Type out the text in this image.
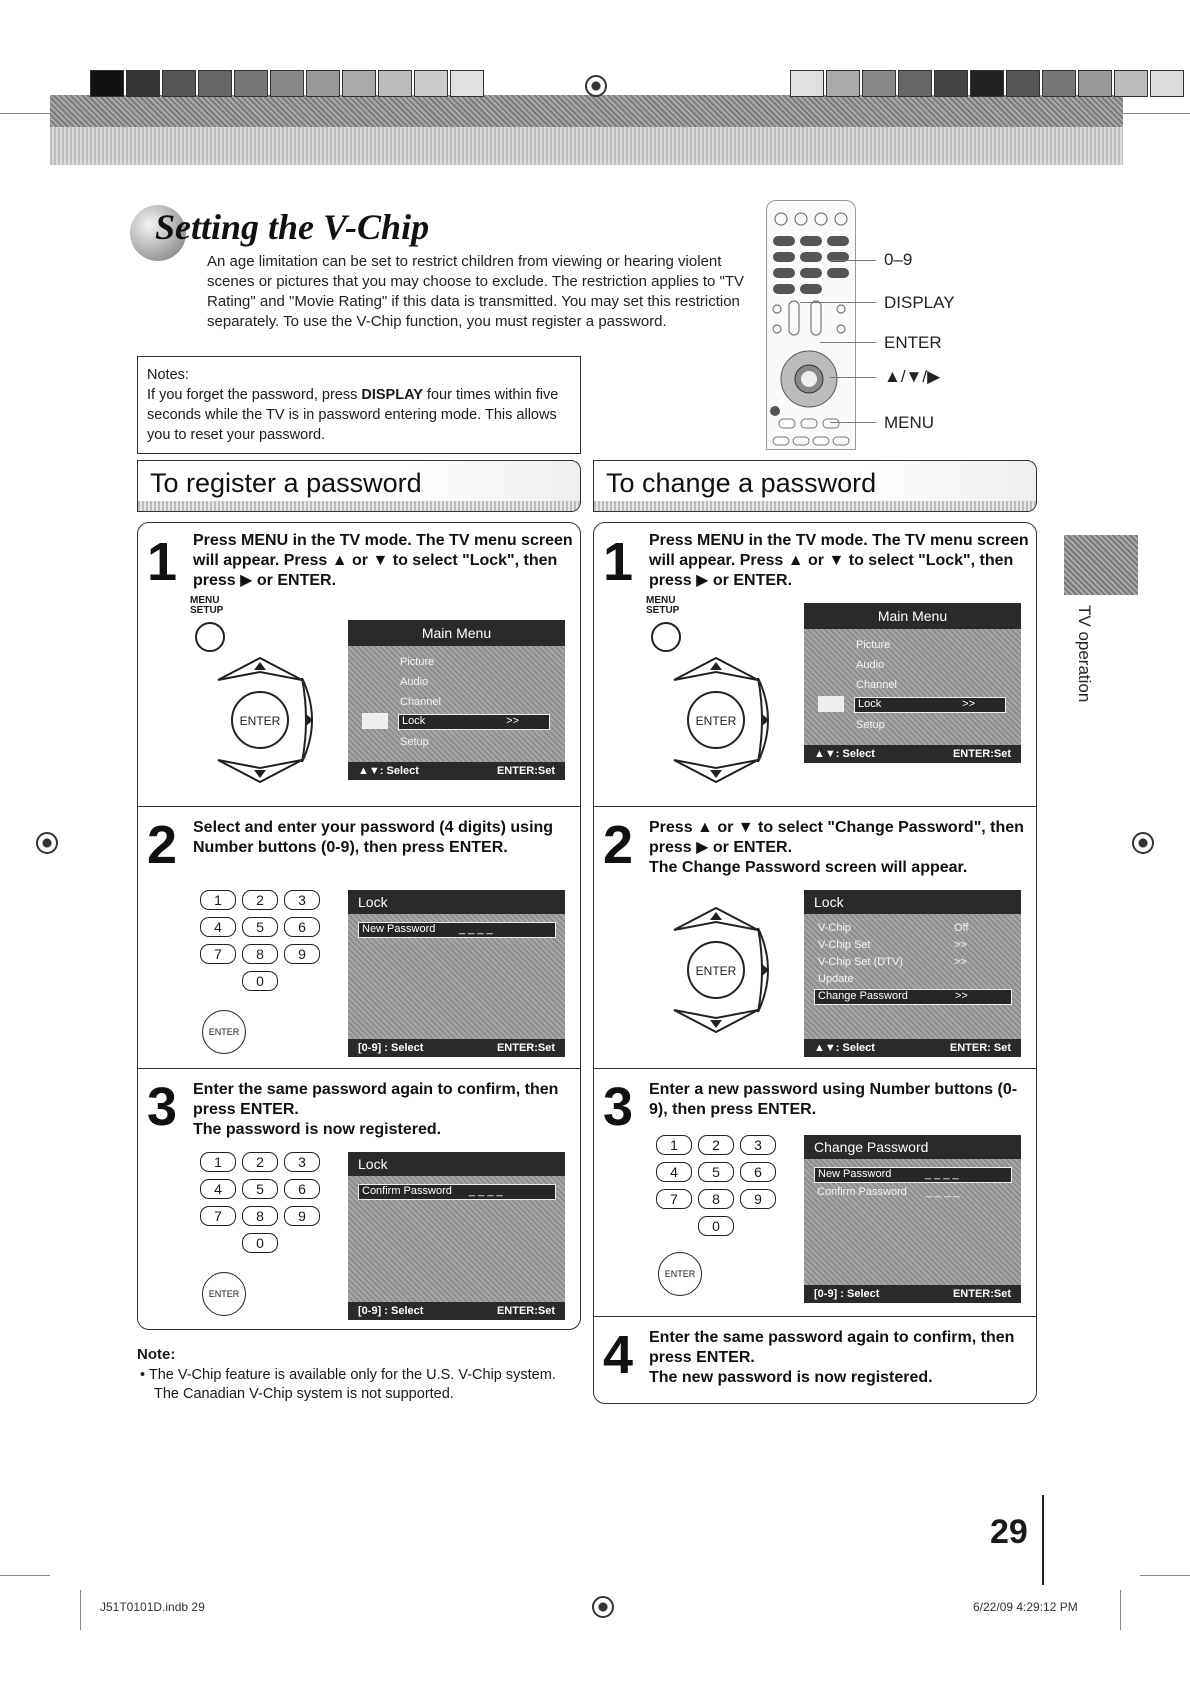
Setting the V-Chip
An age limitation can be set to restrict children from viewing or hearing violent scenes or pictures that you may choose to exclude. The restriction applies to "TV Rating" and "Movie Rating" if this data is transmitted. You may set this restriction separately. To use the V-Chip function, you must register a password.
Notes:
If you forget the password, press DISPLAY four times within five seconds while the TV is in password entering mode. This allows you to reset your password.
0–9
DISPLAY
ENTER
▲/▼/▶
MENU
To register a password	To change a password
1 Press MENU in the TV mode. The TV menu screen will appear. Press ▲ or ▼ to select "Lock", then press ▶ or ENTER.
MENU SETUP
ENTER
Main Menu
Picture
Audio
Channel
Lock	>>
Setup
▲▼: Select	ENTER:Set
2 Select and enter your password (4 digits) using Number buttons (0-9), then press ENTER.
1	2	3
4	5	6
7	8	9
0
ENTER
Lock
New Password _ _ _ _
[0-9] : Select	ENTER:Set
3 Enter the same password again to confirm, then press ENTER.
The password is now registered.
1	2	3
4	5	6
7	8	9
0
ENTER
Lock
Confirm Password _ _ _ _
[0-9] : Select	ENTER:Set
Note:
• The V-Chip feature is available only for the U.S. V-Chip system. The Canadian V-Chip system is not supported.
1 Press MENU in the TV mode. The TV menu screen will appear. Press ▲ or ▼ to select "Lock", then press ▶ or ENTER.
MENU SETUP
ENTER
Main Menu
Picture
Audio
Channel
Lock	>>
Setup
▲▼: Select	ENTER:Set
2 Press ▲ or ▼ to select "Change Password", then press ▶ or ENTER.
The Change Password screen will appear.
ENTER
Lock
V-Chip	Off
V-Chip Set	>>
V-Chip Set (DTV)	>>
Update
Change Password	>>
▲▼: Select	ENTER: Set
3 Enter a new password using Number buttons (0-9), then press ENTER.
1	2	3
4	5	6
7	8	9
0
ENTER
Change Password
New Password	_ _ _ _
Confirm Password _ _ _ _
[0-9] : Select	ENTER:Set
4 Enter the same password again to confirm, then press ENTER.
The new password is now registered.
TV operation
29
J51T0101D.indb 29	6/22/09 4:29:12 PM
